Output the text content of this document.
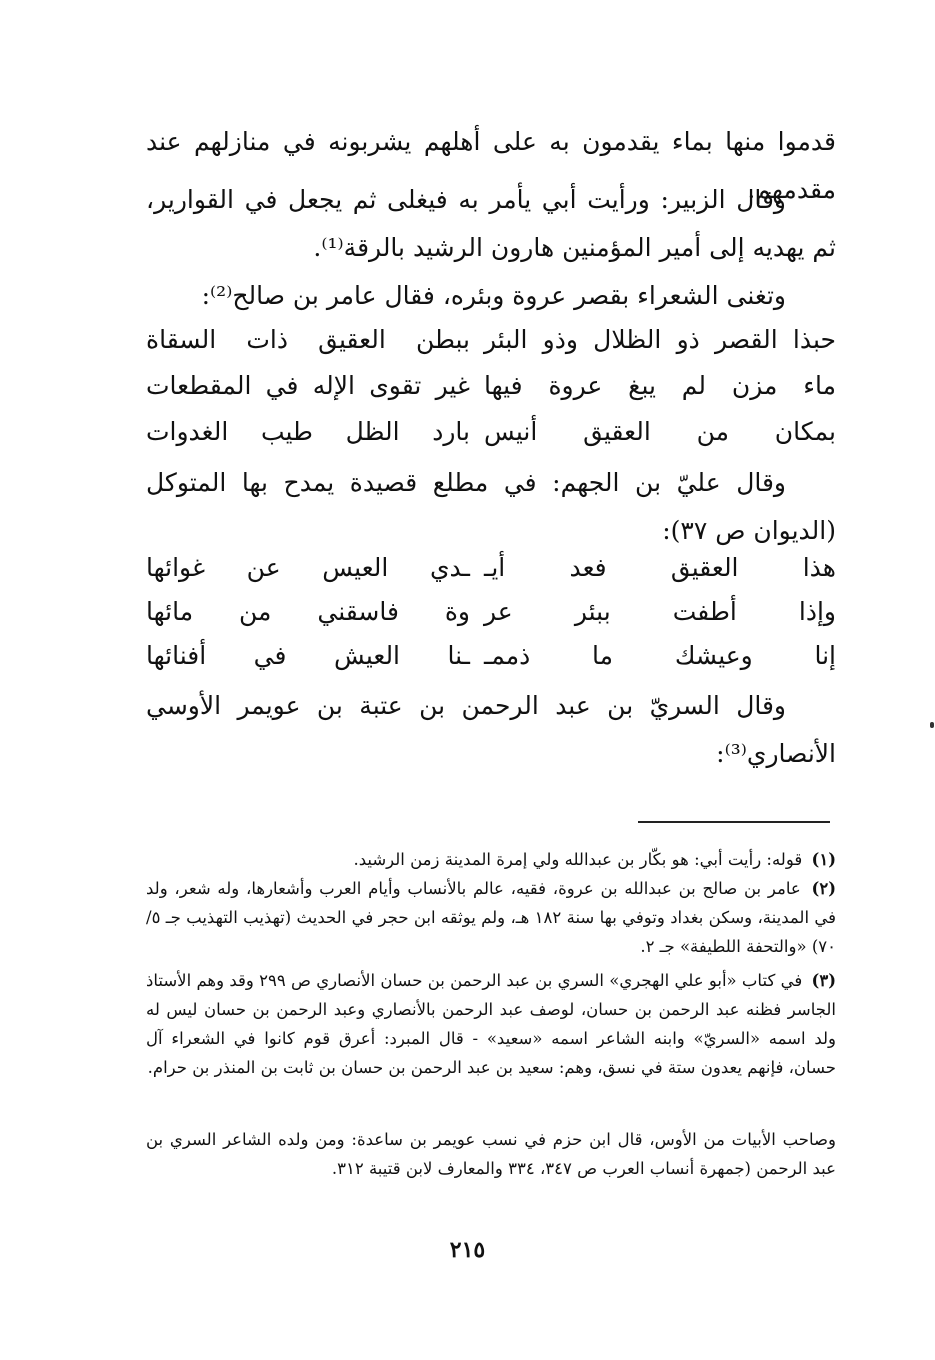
قدموا منها بماء يقدمون به على أهلهم يشربونه في منازلهم عند مقدمهم.
وقال الزبير: ورأيت أبي يأمر به فيغلى ثم يجعل في القوارير، ثم يهديه إلى أمير المؤمنين هارون الرشيد بالرقة⁽¹⁾.
وتغنى الشعراء بقصر عروة وبئره، فقال عامر بن صالح⁽²⁾:
حبذا القصر ذو الظلال وذو البئر
ببطن العقيق ذات السقاة
ماء مزن لم يبغ عروة فيها
غير تقوى الإله في المقطعات
بمكان من العقيق أنيس
بارد الظل طيب الغدوات
وقال عليّ بن الجهم: في مطلع قصيدة يمدح بها المتوكل (الديوان ص ٣٧):
هذا العقيق فعد أيـ
ـدي العيس عن غوائها
وإذا أطفت ببئر عر
وة فاسقني من مائها
إنا وعيشك ما ذممـ
ـنا العيش في أفنائها
وقال السريّ بن عبد الرحمن بن عتبة بن عويمر الأوسي الأنصاري⁽³⁾:
(١) قوله: رأيت أبي: هو بكّار بن عبدالله ولي إمرة المدينة زمن الرشيد.
(٢) عامر بن صالح بن عبدالله بن عروة، فقيه، عالم بالأنساب وأيام العرب وأشعارها، وله شعر، ولد في المدينة، وسكن بغداد وتوفي بها سنة ١٨٢ هـ، ولم يوثقه ابن حجر في الحديث (تهذيب التهذيب جـ ٥/ ٧٠) «والتحفة اللطيفة» جـ ٢.
(٣) في كتاب «أبو علي الهجري» السري بن عبد الرحمن بن حسان الأنصاري ص ٢٩٩ وقد وهم الأستاذ الجاسر فظنه عبد الرحمن بن حسان، لوصف عبد الرحمن بالأنصاري وعبد الرحمن بن حسان ليس له ولد اسمه «السريّ» وابنه الشاعر اسمه «سعيد» - قال المبرد: أعرق قوم كانوا في الشعراء آل حسان، فإنهم يعدون ستة في نسق، وهم: سعيد بن عبد الرحمن بن حسان بن ثابت بن المنذر بن حرام.
وصاحب الأبيات من الأوس، قال ابن حزم في نسب عويمر بن ساعدة: ومن ولده الشاعر السري بن عبد الرحمن (جمهرة أنساب العرب ص ٣٤٧، ٣٣٤ والمعارف لابن قتيبة ٣١٢.
٢١٥
